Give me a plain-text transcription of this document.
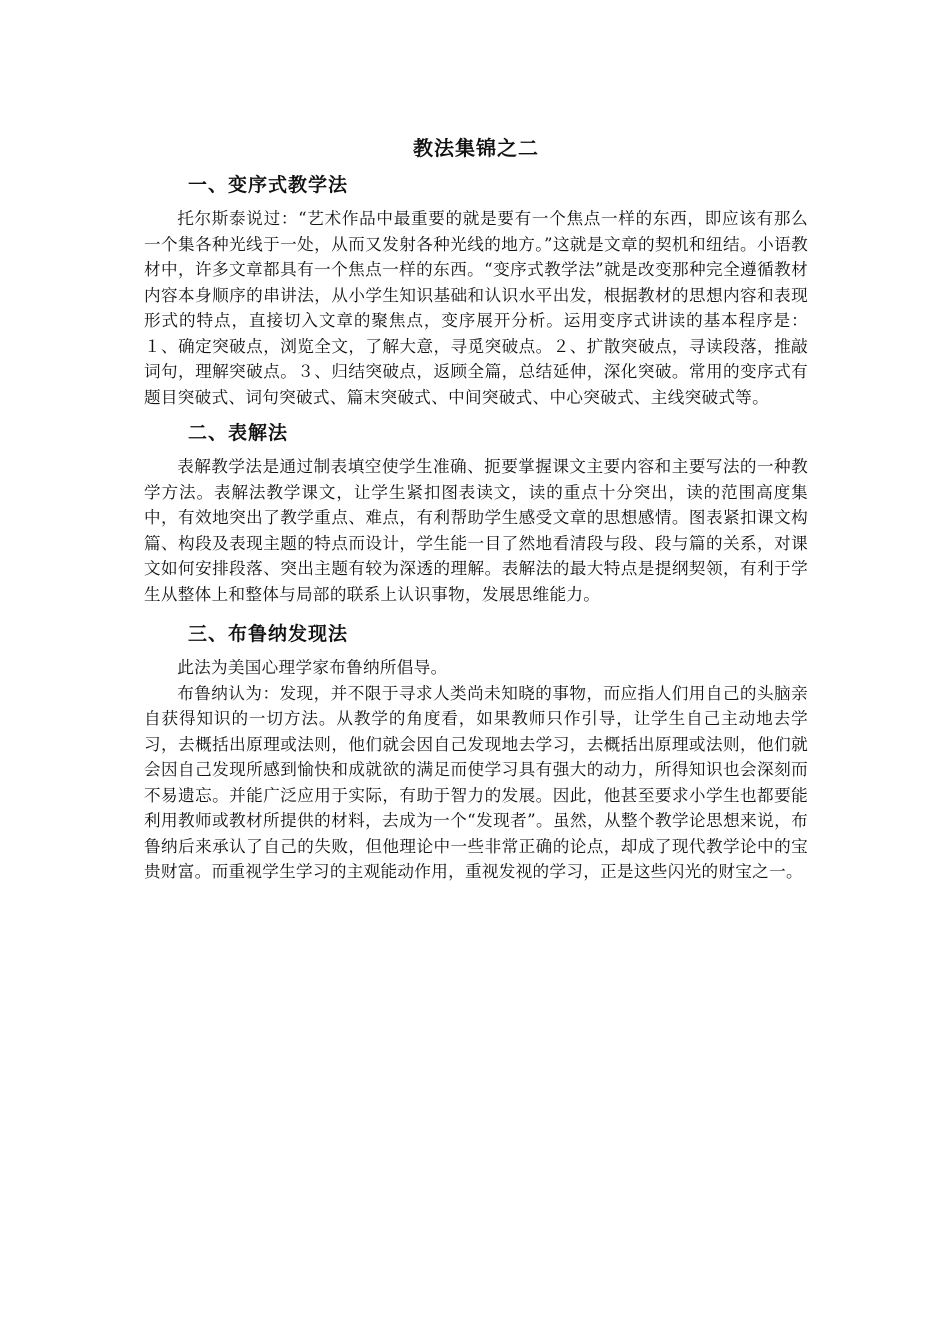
教法集锦之二
一、变序式教学法

托尔斯泰说过：“艺术作品中最重要的就是要有一个焦点一样的东西，即应该有那么一个集各种光线于一处，从而又发射各种光线的地方。”这就是文章的契机和纽结。小语教材中，许多文章都具有一个焦点一样的东西。“变序式教学法”就是改变那种完全遵循教材内容本身顺序的串讲法，从小学生知识基础和认识水平出发，根据教材的思想内容和表现形式的特点，直接切入文章的聚焦点，变序展开分析。运用变序式讲读的基本程序是：１、确定突破点，浏览全文，了解大意，寻觅突破点。２、扩散突破点，寻读段落，推敲词句，理解突破点。３、归结突破点，返顾全篇，总结延伸，深化突破。常用的变序式有题目突破式、词句突破式、篇末突破式、中间突破式、中心突破式、主线突破式等。

二、表解法

表解教学法是通过制表填空使学生准确、扼要掌握课文主要内容和主要写法的一种教学方法。表解法教学课文，让学生紧扣图表读文，读的重点十分突出，读的范围高度集中，有效地突出了教学重点、难点，有利帮助学生感受文章的思想感情。图表紧扣课文构篇、构段及表现主题的特点而设计，学生能一目了然地看清段与段、段与篇的关系，对课文如何安排段落、突出主题有较为深透的理解。表解法的最大特点是提纲契领，有利于学生从整体上和整体与局部的联系上认识事物，发展思维能力。

三、布鲁纳发现法

此法为美国心理学家布鲁纳所倡导。

布鲁纳认为：发现，并不限于寻求人类尚未知晓的事物，而应指人们用自己的头脑亲自获得知识的一切方法。从教学的角度看，如果教师只作引导，让学生自己主动地去学习，去概括出原理或法则，他们就会因自己发现地去学习，去概括出原理或法则，他们就会因自己发现所感到愉快和成就欲的满足而使学习具有强大的动力，所得知识也会深刻而不易遗忘。并能广泛应用于实际，有助于智力的发展。因此，他甚至要求小学生也都要能利用教师或教材所提供的材料，去成为一个“发现者”。虽然，从整个教学论思想来说，布鲁纳后来承认了自己的失败，但他理论中一些非常正确的论点，却成了现代教学论中的宝贵财富。而重视学生学习的主观能动作用，重视发视的学习，正是这些闪光的财宝之一。
